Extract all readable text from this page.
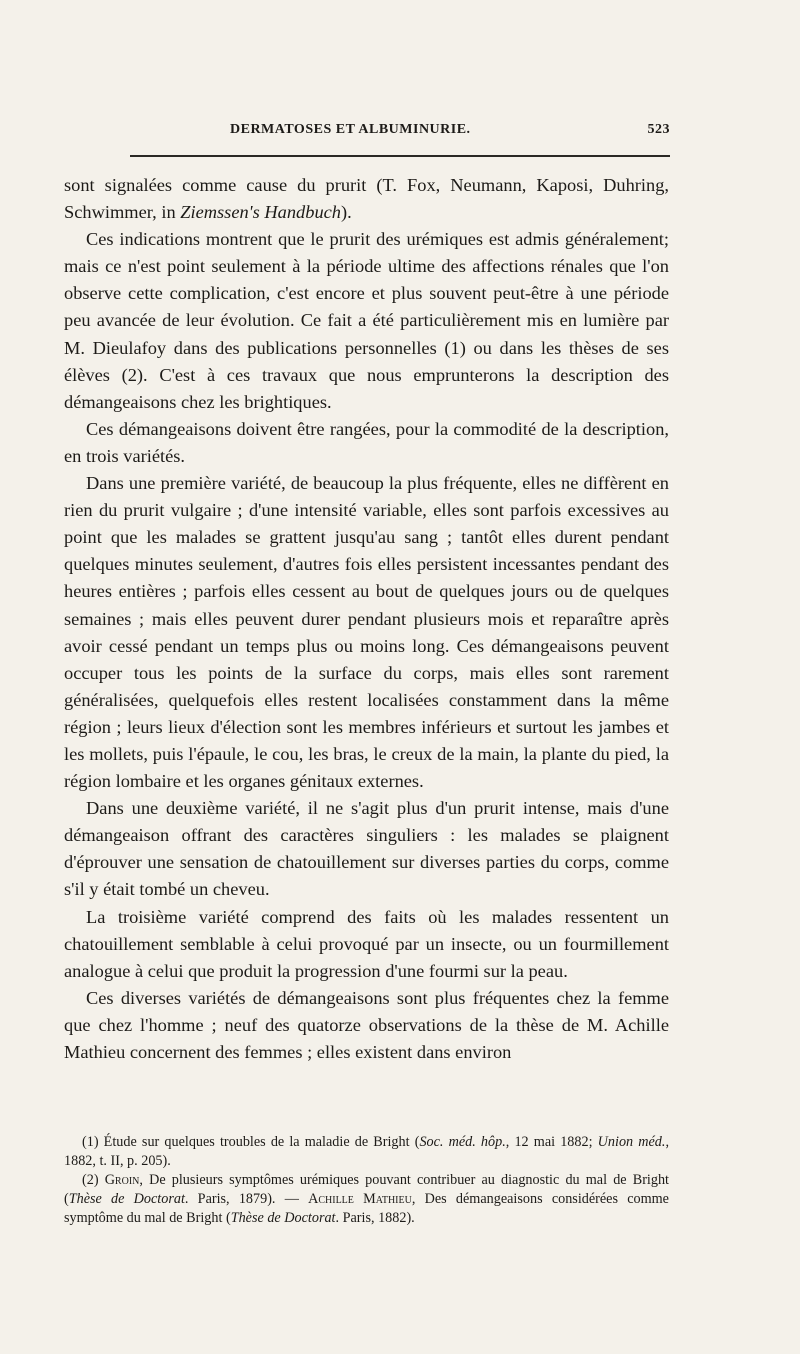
DERMATOSES ET ALBUMINURIE.	523

sont signalées comme cause du prurit (T. Fox, Neumann, Kaposi, Duhring, Schwimmer, in Ziemssen's Handbuch).

Ces indications montrent que le prurit des urémiques est admis généralement; mais ce n'est point seulement à la période ultime des affections rénales que l'on observe cette complication, c'est encore et plus souvent peut-être à une période peu avancée de leur évolution. Ce fait a été particulièrement mis en lumière par M. Dieulafoy dans des publications personnelles (1) ou dans les thèses de ses élèves (2). C'est à ces travaux que nous emprunterons la description des démangeaisons chez les brightiques.

Ces démangeaisons doivent être rangées, pour la commodité de la description, en trois variétés.

Dans une première variété, de beaucoup la plus fréquente, elles ne diffèrent en rien du prurit vulgaire ; d'une intensité variable, elles sont parfois excessives au point que les malades se grattent jusqu'au sang ; tantôt elles durent pendant quelques minutes seulement, d'autres fois elles persistent incessantes pendant des heures entières ; parfois elles cessent au bout de quelques jours ou de quelques semaines ; mais elles peuvent durer pendant plusieurs mois et reparaître après avoir cessé pendant un temps plus ou moins long. Ces démangeaisons peuvent occuper tous les points de la surface du corps, mais elles sont rarement généralisées, quelquefois elles restent localisées constamment dans la même région ; leurs lieux d'élection sont les membres inférieurs et surtout les jambes et les mollets, puis l'épaule, le cou, les bras, le creux de la main, la plante du pied, la région lombaire et les organes génitaux externes.

Dans une deuxième variété, il ne s'agit plus d'un prurit intense, mais d'une démangeaison offrant des caractères singuliers : les malades se plaignent d'éprouver une sensation de chatouillement sur diverses parties du corps, comme s'il y était tombé un cheveu.

La troisième variété comprend des faits où les malades ressentent un chatouillement semblable à celui provoqué par un insecte, ou un fourmillement analogue à celui que produit la progression d'une fourmi sur la peau.

Ces diverses variétés de démangeaisons sont plus fréquentes chez la femme que chez l'homme ; neuf des quatorze observations de la thèse de M. Achille Mathieu concernent des femmes ; elles existent dans environ

(1) Étude sur quelques troubles de la maladie de Bright (Soc. méd. hôp., 12 mai 1882; Union méd., 1882, t. II, p. 205).

(2) Groin, De plusieurs symptômes urémiques pouvant contribuer au diagnostic du mal de Bright (Thèse de Doctorat. Paris, 1879). — Achille Mathieu, Des démangeaisons considérées comme symptôme du mal de Bright (Thèse de Doctorat. Paris, 1882).
